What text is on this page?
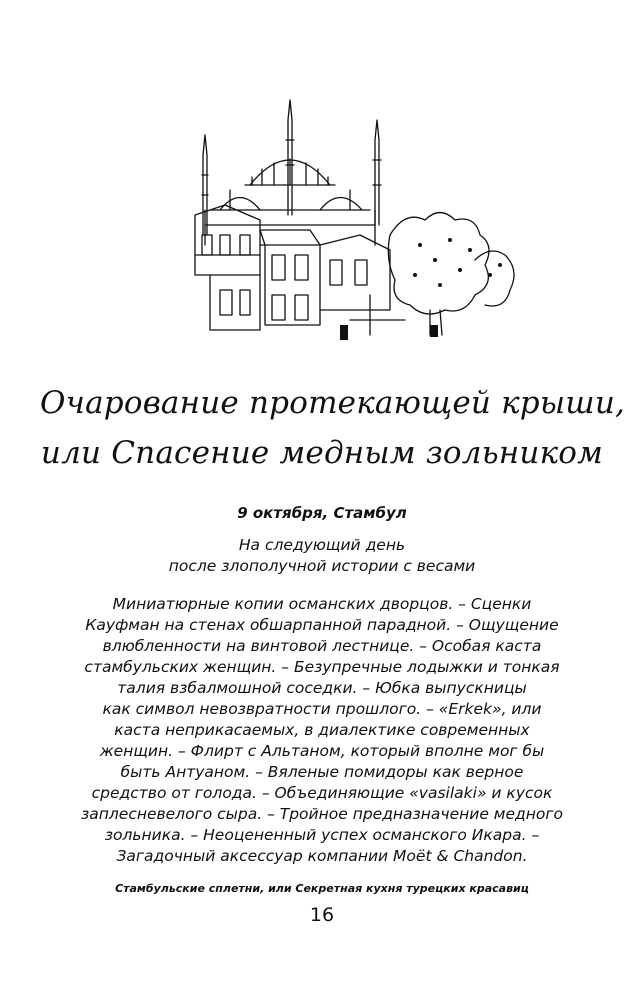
Очарование протекающей крыши,
или Спасение медным зольником
9 октября, Стамбул
На следующий день
после злополучной истории с весами
Миниатюрные копии османских дворцов. – Сценки
Кауфман на стенах обшарпанной парадной. – Ощущение
влюбленности на винтовой лестнице. – Особая каста
стамбульских женщин. – Безупречные лодыжки и тонкая
талия взбалмошной соседки. – Юбка выпускницы
как символ невозвратности прошлого. – «Erkek», или
каста неприкасаемых, в диалектике современных
женщин. – Флирт с Альтаном, который вполне мог бы
быть Антуаном. – Вяленые помидоры как верное
средство от голода. – Объединяющие «vasilaki» и кусок
заплесневелого сыра. – Тройное предназначение медного
зольника. – Неоцененный успех османского Икара. –
Загадочный аксессуар компании Moët & Chandon.
Стамбульские сплетни, или Секретная кухня турецких красавиц
16
